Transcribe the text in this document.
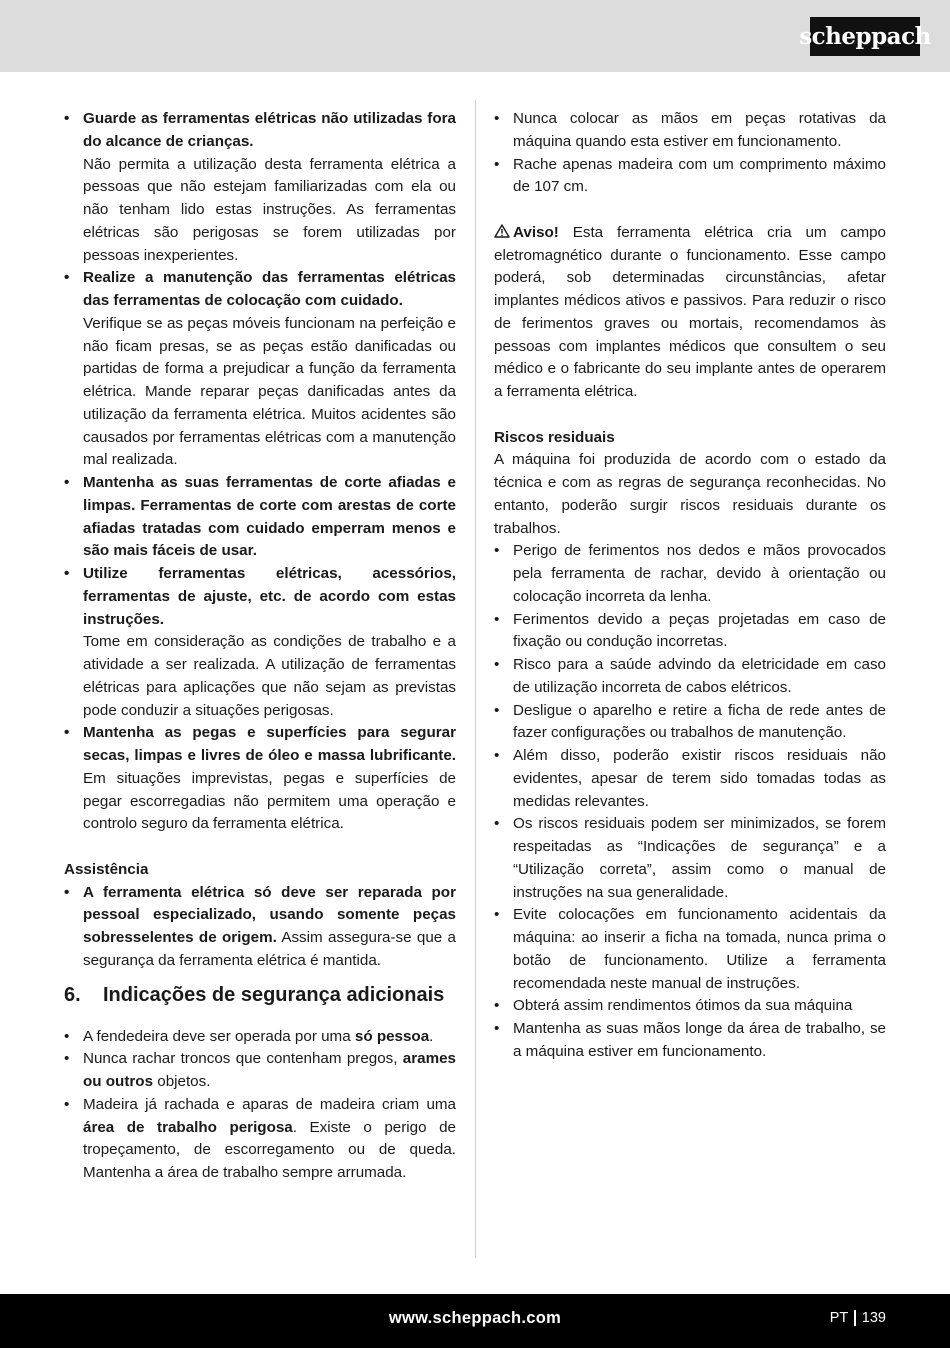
scheppach
• Guarde as ferramentas elétricas não utilizadas fora do alcance de crianças.
Não permita a utilização desta ferramenta elétrica a pessoas que não estejam familiarizadas com ela ou não tenham lido estas instruções. As ferramentas elétricas são perigosas se forem utilizadas por pessoas inexperientes.
• Realize a manutenção das ferramentas elétricas das ferramentas de colocação com cuidado.
Verifique se as peças móveis funcionam na perfeição e não ficam presas, se as peças estão danificadas ou partidas de forma a prejudicar a função da ferramenta elétrica. Mande reparar peças danificadas antes da utilização da ferramenta elétrica. Muitos acidentes são causados por ferramentas elétricas com a manutenção mal realizada.
• Mantenha as suas ferramentas de corte afiadas e limpas. Ferramentas de corte com arestas de corte afiadas tratadas com cuidado emperram menos e são mais fáceis de usar.
• Utilize ferramentas elétricas, acessórios, ferramentas de ajuste, etc. de acordo com estas instruções.
Tome em consideração as condições de trabalho e a atividade a ser realizada. A utilização de ferramentas elétricas para aplicações que não sejam as previstas pode conduzir a situações perigosas.
• Mantenha as pegas e superfícies para segurar secas, limpas e livres de óleo e massa lubrificante. Em situações imprevistas, pegas e superfícies de pegar escorregadias não permitem uma operação e controlo seguro da ferramenta elétrica.
Assistência
• A ferramenta elétrica só deve ser reparada por pessoal especializado, usando somente peças sobresselentes de origem. Assim assegura-se que a segurança da ferramenta elétrica é mantida.
6.	Indicações de segurança adicionais
• A fendedeira deve ser operada por uma só pessoa.
• Nunca rachar troncos que contenham pregos, arames ou outros objetos.
• Madeira já rachada e aparas de madeira criam uma área de trabalho perigosa. Existe o perigo de tropeçamento, de escorregamento ou de queda. Mantenha a área de trabalho sempre arrumada.
• Nunca colocar as mãos em peças rotativas da máquina quando esta estiver em funcionamento.
• Rache apenas madeira com um comprimento máximo de 107 cm.
Aviso! Esta ferramenta elétrica cria um campo eletromagnético durante o funcionamento. Esse campo poderá, sob determinadas circunstâncias, afetar implantes médicos ativos e passivos. Para reduzir o risco de ferimentos graves ou mortais, recomendamos às pessoas com implantes médicos que consultem o seu médico e o fabricante do seu implante antes de operarem a ferramenta elétrica.
Riscos residuais
A máquina foi produzida de acordo com o estado da técnica e com as regras de segurança reconhecidas. No entanto, poderão surgir riscos residuais durante os trabalhos.
• Perigo de ferimentos nos dedos e mãos provocados pela ferramenta de rachar, devido à orientação ou colocação incorreta da lenha.
• Ferimentos devido a peças projetadas em caso de fixação ou condução incorretas.
• Risco para a saúde advindo da eletricidade em caso de utilização incorreta de cabos elétricos.
• Desligue o aparelho e retire a ficha de rede antes de fazer configurações ou trabalhos de manutenção.
• Além disso, poderão existir riscos residuais não evidentes, apesar de terem sido tomadas todas as medidas relevantes.
• Os riscos residuais podem ser minimizados, se forem respeitadas as “Indicações de segurança” e a “Utilização correta”, assim como o manual de instruções na sua generalidade.
• Evite colocações em funcionamento acidentais da máquina: ao inserir a ficha na tomada, nunca prima o botão de funcionamento. Utilize a ferramenta recomendada neste manual de instruções.
• Obterá assim rendimentos ótimos da sua máquina
• Mantenha as suas mãos longe da área de trabalho, se a máquina estiver em funcionamento.
www.scheppach.com	PT 139
